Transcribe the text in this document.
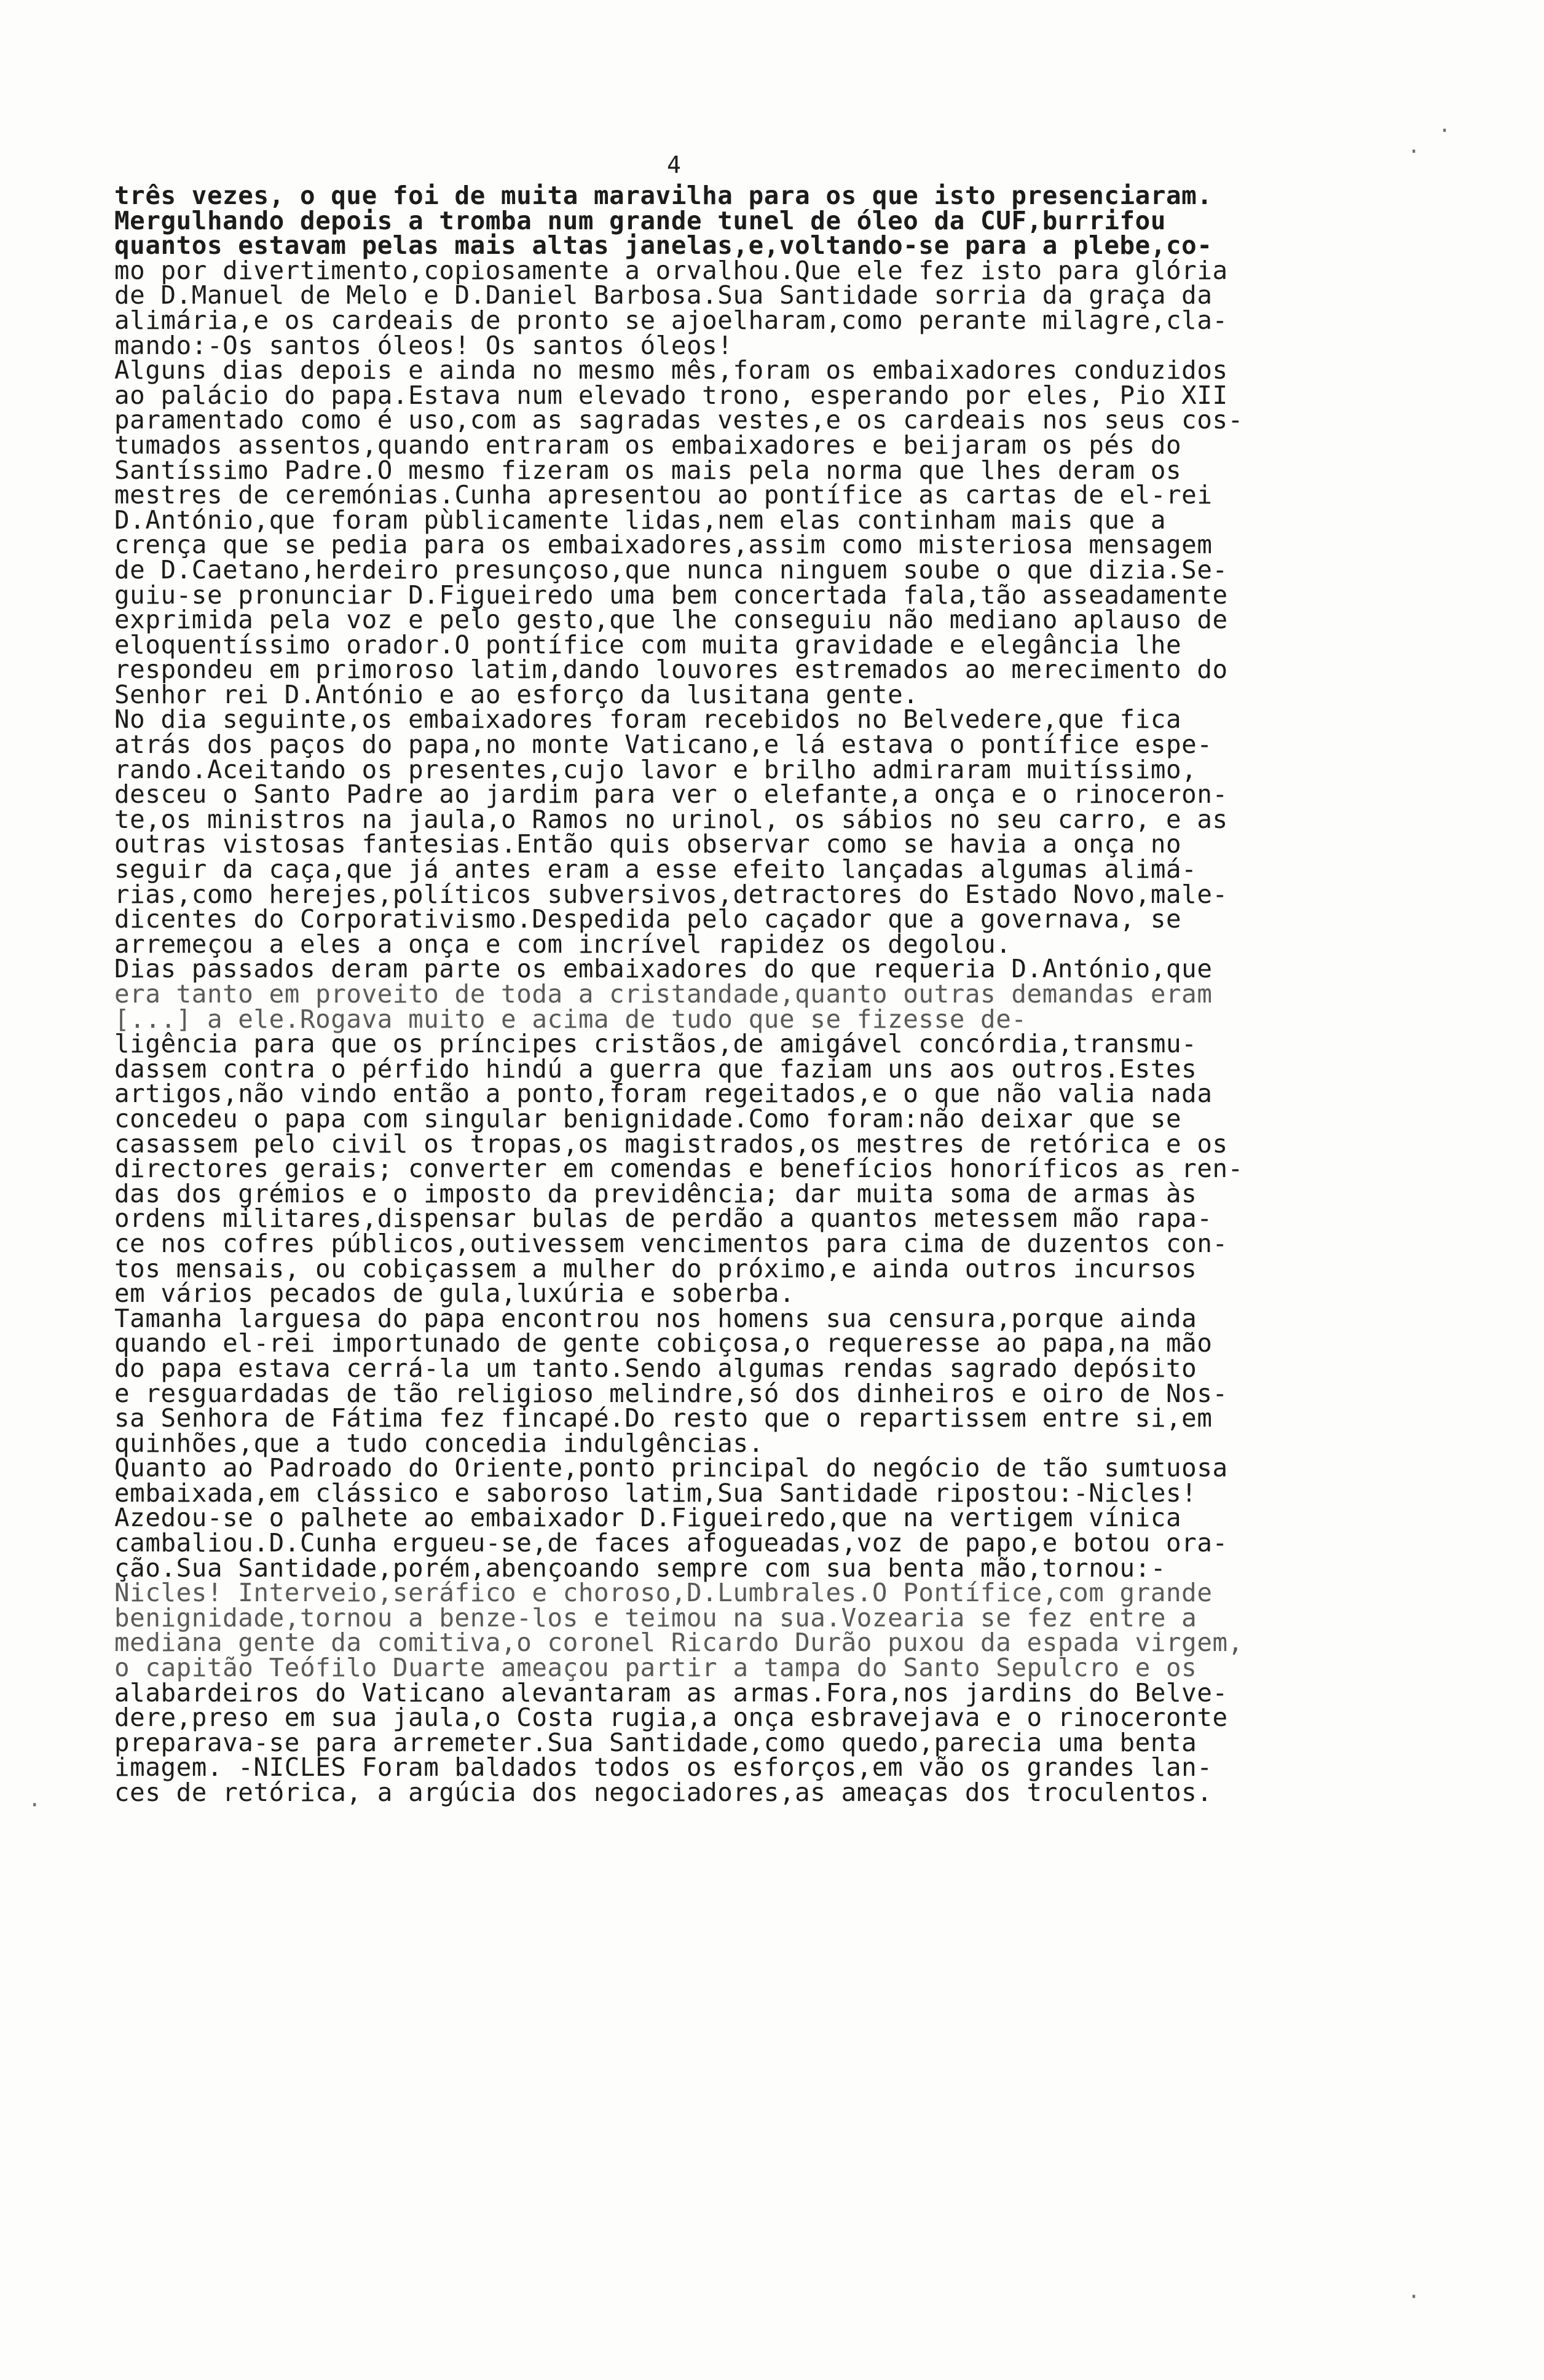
4
três vezes, o que foi de muita maravilha para os que isto presenciaram.
Mergulhando depois a tromba num grande tunel de óleo da CUF,burrifou
quantos estavam pelas mais altas janelas,e,voltando-se para a plebe,co-
mo por divertimento,copiosamente a orvalhou.Que ele fez isto para glória
de D.Manuel de Melo e D.Daniel Barbosa.Sua Santidade sorria da graça da
alimária,e os cardeais de pronto se ajoelharam,como perante milagre,cla-
mando:-Os santos óleos! Os santos óleos!
Alguns dias depois e ainda no mesmo mês,foram os embaixadores conduzidos
ao palácio do papa.Estava num elevado trono, esperando por eles, Pio XII
paramentado como é uso,com as sagradas vestes,e os cardeais nos seus cos-
tumados assentos,quando entraram os embaixadores e beijaram os pés do
Santíssimo Padre.O mesmo fizeram os mais pela norma que lhes deram os
mestres de ceremónias.Cunha apresentou ao pontífice as cartas de el-rei
D.António,que foram pùblicamente lidas,nem elas continham mais que a
crença que se pedia para os embaixadores,assim como misteriosa mensagem
de D.Caetano,herdeiro presunçoso,que nunca ninguem soube o que dizia.Se-
guiu-se pronunciar D.Figueiredo uma bem concertada fala,tão asseadamente
exprimida pela voz e pelo gesto,que lhe conseguiu não mediano aplauso de
eloquentíssimo orador.O pontífice com muita gravidade e elegância lhe
respondeu em primoroso latim,dando louvores estremados ao merecimento do
Senhor rei D.António e ao esforço da lusitana gente.
No dia seguinte,os embaixadores foram recebidos no Belvedere,que fica
atrás dos paços do papa,no monte Vaticano,e lá estava o pontífice espe-
rando.Aceitando os presentes,cujo lavor e brilho admiraram muitíssimo,
desceu o Santo Padre ao jardim para ver o elefante,a onça e o rinoceron-
te,os ministros na jaula,o Ramos no urinol, os sábios no seu carro, e as
outras vistosas fantesias.Então quis observar como se havia a onça no
seguir da caça,que já antes eram a esse efeito lançadas algumas alimá-
rias,como herejes,políticos subversivos,detractores do Estado Novo,male-
dicentes do Corporativismo.Despedida pelo caçador que a governava, se
arremeçou a eles a onça e com incrível rapidez os degolou.
Dias passados deram parte os embaixadores do que requeria D.António,que
era tanto em proveito de toda a cristandade,quanto outras demandas eram
[...] a ele.Rogava muito e acima de tudo que se fizesse de-
ligência para que os príncipes cristãos,de amigável concórdia,transmu-
dassem contra o pérfido hindú a guerra que faziam uns aos outros.Estes
artigos,não vindo então a ponto,foram regeitados,e o que não valia nada
concedeu o papa com singular benignidade.Como foram:não deixar que se
casassem pelo civil os tropas,os magistrados,os mestres de retórica e os
directores gerais; converter em comendas e benefícios honoríficos as ren-
das dos grémios e o imposto da previdência; dar muita soma de armas às
ordens militares,dispensar bulas de perdão a quantos metessem mão rapa-
ce nos cofres públicos,outivessem vencimentos para cima de duzentos con-
tos mensais, ou cobiçassem a mulher do próximo,e ainda outros incursos
em vários pecados de gula,luxúria e soberba.
Tamanha larguesa do papa encontrou nos homens sua censura,porque ainda
quando el-rei importunado de gente cobiçosa,o requeresse ao papa,na mão
do papa estava cerrá-la um tanto.Sendo algumas rendas sagrado depósito
e resguardadas de tão religioso melindre,só dos dinheiros e oiro de Nos-
sa Senhora de Fátima fez fincapé.Do resto que o repartissem entre si,em
quinhões,que a tudo concedia indulgências.
Quanto ao Padroado do Oriente,ponto principal do negócio de tão sumtuosa
embaixada,em clássico e saboroso latim,Sua Santidade ripostou:-Nicles!
Azedou-se o palhete ao embaixador D.Figueiredo,que na vertigem vínica
cambaliou.D.Cunha ergueu-se,de faces afogueadas,voz de papo,e botou ora-
ção.Sua Santidade,porém,abençoando sempre com sua benta mão,tornou:-
Nicles! Interveio,seráfico e choroso,D.Lumbrales.O Pontífice,com grande
benignidade,tornou a benze-los e teimou na sua.Vozearia se fez entre a
mediana gente da comitiva,o coronel Ricardo Durão puxou da espada virgem,
o capitão Teófilo Duarte ameaçou partir a tampa do Santo Sepulcro e os
alabardeiros do Vaticano alevantaram as armas.Fora,nos jardins do Belve-
dere,preso em sua jaula,o Costa rugia,a onça esbravejava e o rinoceronte
preparava-se para arremeter.Sua Santidade,como quedo,parecia uma benta
imagem. -NICLES Foram baldados todos os esforços,em vão os grandes lan-
ces de retórica, a argúcia dos negociadores,as ameaças dos troculentos.
·
·
·
·
